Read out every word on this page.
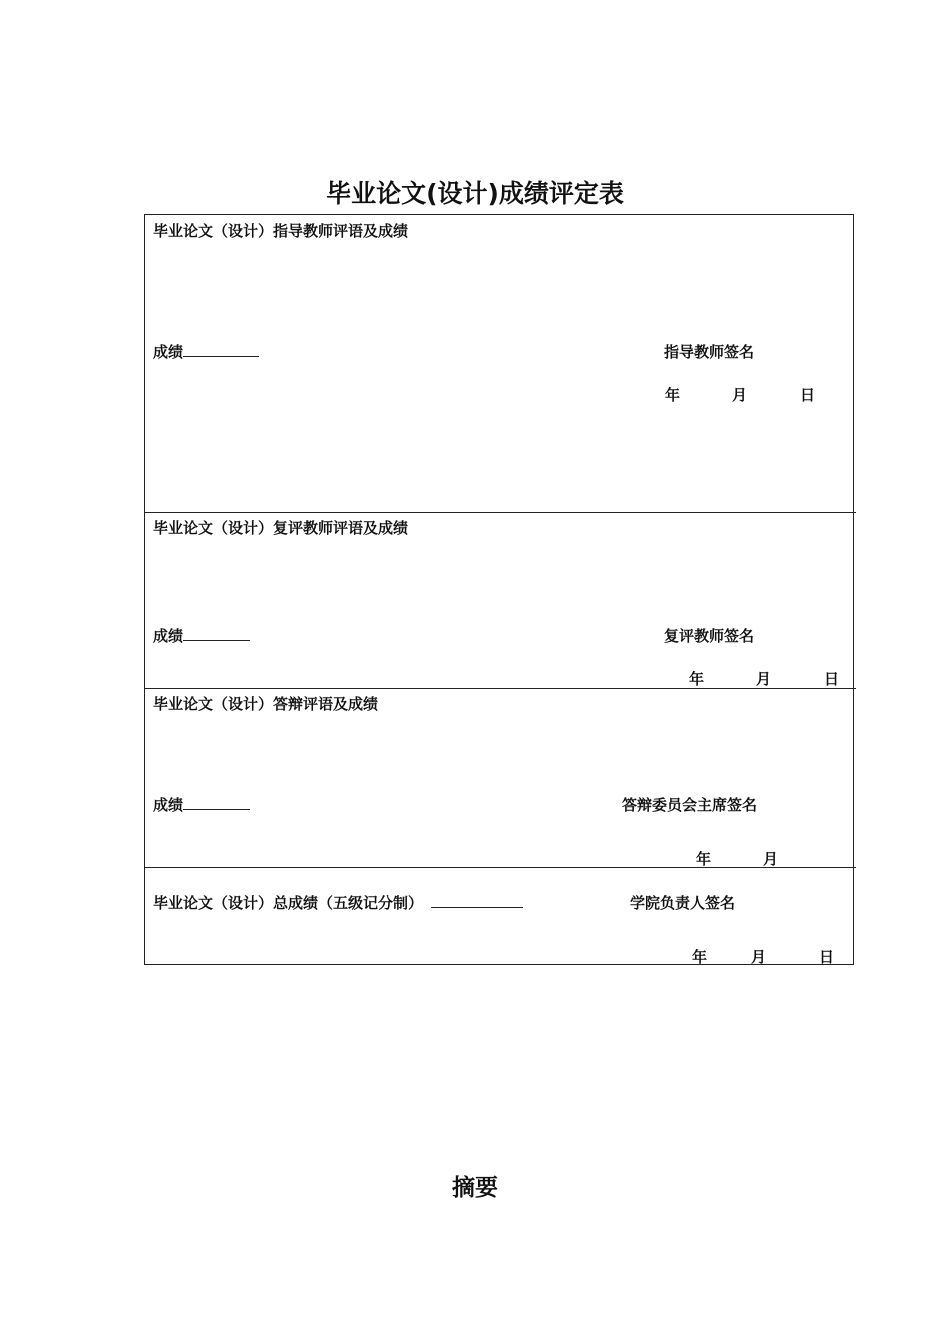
毕业论文(设计)成绩评定表
毕业论文（设计）指导教师评语及成绩
成绩	指导教师签名
年	月	日
毕业论文（设计）复评教师评语及成绩
成绩	复评教师签名
年	月	日
毕业论文（设计）答辩评语及成绩
成绩	答辩委员会主席签名
年	月
毕业论文（设计）总成绩（五级记分制）	学院负责人签名
年	月	日
摘要
